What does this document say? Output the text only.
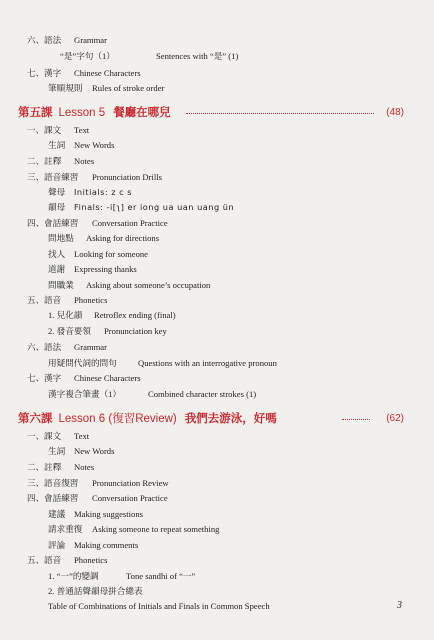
六、 語法 Grammar
“是”字句（1）	Sentences with “是” (1)
七、 漢字 Chinese Characters
筆順規則 Rules of stroke order
第五課 Lesson 5 餐廳在哪兒	(48)
一、 課文 Text
生詞 New Words
二、 註釋 Notes
三、 語音練習 Pronunciation Drills
聲母 Initials: z c s
韻母 Finals: -i[ʅ] er iong ua uan uang ün
四、 會話練習 Conversation Practice
問地點 Asking for directions
找人 Looking for someone
道謝 Expressing thanks
問職業 Asking about someone’s occupation
五、 語音 Phonetics
1. 兒化韻 Retroflex ending (final)
2. 發音要領 Pronunciation key
六、 語法 Grammar
用疑問代詞的問句 Questions with an interrogative pronoun
七、 漢字 Chinese Characters
漢字複合筆畫（1）	Combined character strokes (1)
第六課 Lesson 6 (復習Review) 我們去游泳，好嗎	(62)
一、 課文 Text
生詞 New Words
二、 註釋 Notes
三、 語音復習 Pronunciation Review
四、 會話練習 Conversation Practice
建議 Making suggestions
請求重復 Asking someone to repeat something
評論 Making comments
五、 語音 Phonetics
1. “一”的變調	Tone sandhi of “一”
2. 普通話聲韻母拼合總表
Table of Combinations of Initials and Finals in Common Speech	3
